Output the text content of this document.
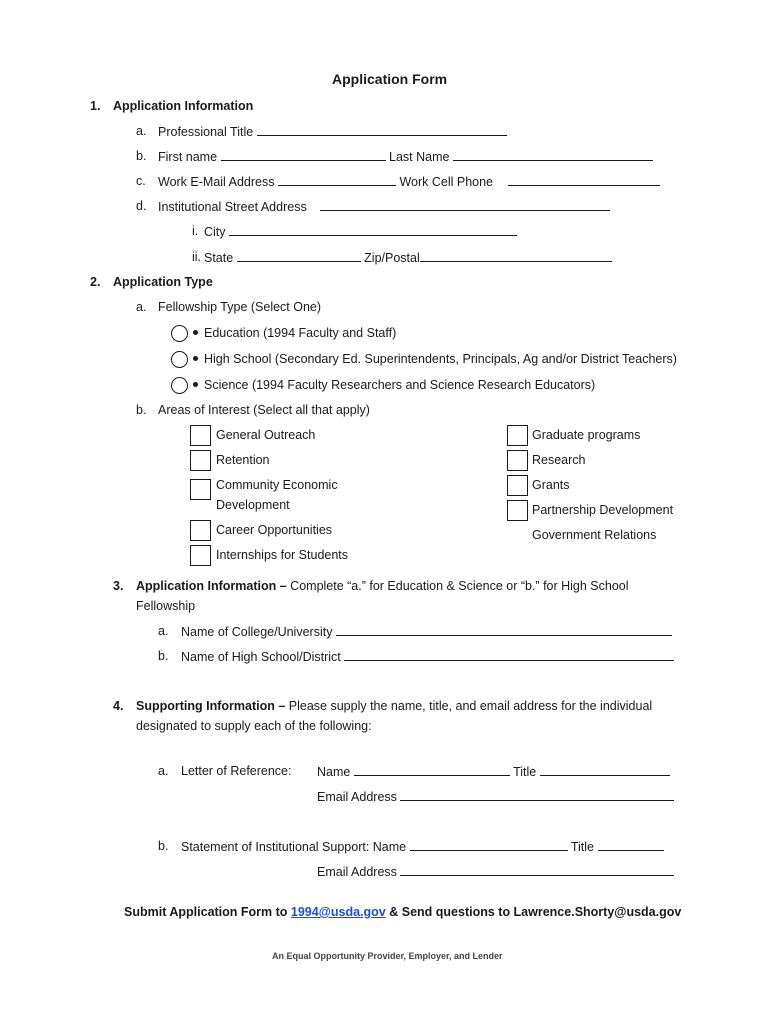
Application Form
1. Application Information
a. Professional Title
b. First name	Last Name
c. Work E-Mail Address	Work Cell Phone
d. Institutional Street Address
i. City
ii. State	Zip/Postal
2. Application Type
a. Fellowship Type (Select One)
Education (1994 Faculty and Staff)
High School (Secondary Ed. Superintendents, Principals, Ag and/or District Teachers)
Science (1994 Faculty Researchers and Science Research Educators)
b. Areas of Interest (Select all that apply)
General Outreach
Retention
Community Economic
Development
Career Opportunities
Internships for Students
Graduate programs
Research
Grants
Partnership Development
Government Relations
3. Application Information – Complete “a.” for Education & Science or “b.” for High School
Fellowship
a. Name of College/University
b. Name of High School/District
4. Supporting Information – Please supply the name, title, and email address for the individual
designated to supply each of the following:
a. Letter of Reference: Name	Title
Email Address
b. Statement of Institutional Support: Name	Title
Email Address
Submit Application Form to 1994@usda.gov & Send questions to Lawrence.Shorty@usda.gov
An Equal Opportunity Provider, Employer, and Lender
